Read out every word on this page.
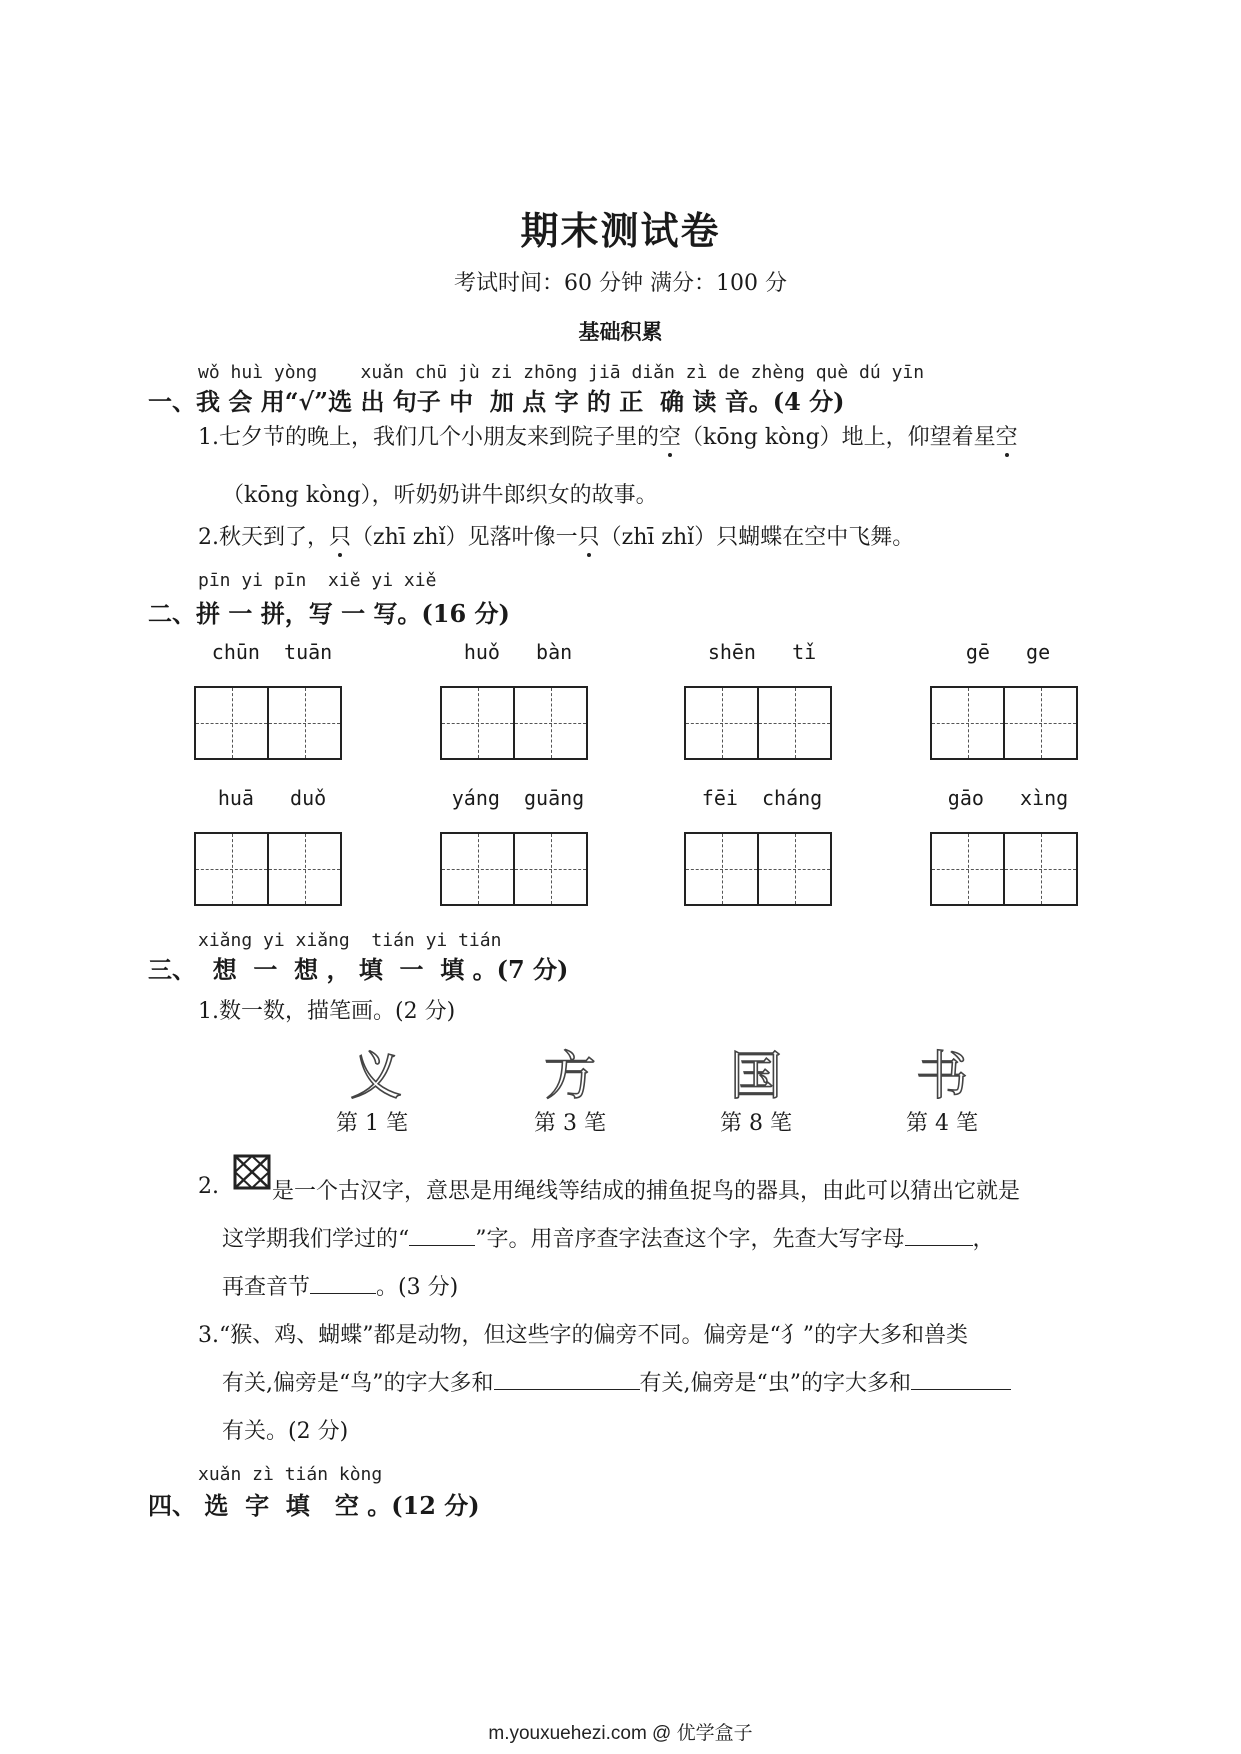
期末测试卷
考试时间：60 分钟 满分：100 分
基础积累
wǒ huì yòng    xuǎn chū jù zi zhōng jiā diǎn zì de zhèng què dú yīn
一、我 会 用“√”选 出 句子 中  加 点 字 的 正  确 读 音。(4 分)
1.七夕节的晚上，我们几个小朋友来到院子里的空（kōng kòng）地上，仰望着星空
（kōng kòng），听奶奶讲牛郎织女的故事。
2.秋天到了，只（zhī zhǐ）见落叶像一只（zhī zhǐ）只蝴蝶在空中飞舞。
pīn yi pīn  xiě yi xiě
二、拼 一 拼，写 一 写。(16 分)
chūn  tuān	huǒ   bàn	shēn   tǐ	gē   ge
huā   duǒ	yáng  guāng	fēi  cháng	gāo   xìng
xiǎng yi xiǎng  tián yi tián
三、  想  一  想 ， 填  一  填 。(7 分)
1.数一数，描笔画。(2 分)
义	方	国	书
第 1 笔	第 3 笔	第 8 笔	第 4 笔
2. 是一个古汉字，意思是用绳线等结成的捕鱼捉鸟的器具，由此可以猜出它就是
这学期我们学过的“	”字。用音序查字法查这个字，先查大写字母	，
再查音节	。(3 分)
3.“猴、鸡、蝴蝶”都是动物，但这些字的偏旁不同。偏旁是“犭”的字大多和兽类
有关,偏旁是“鸟”的字大多和	有关,偏旁是“虫”的字大多和
有关。(2 分)
xuǎn zì tián kòng
四、 选  字  填   空 。(12 分)
m.youxuehezi.com @ 优学盒子
